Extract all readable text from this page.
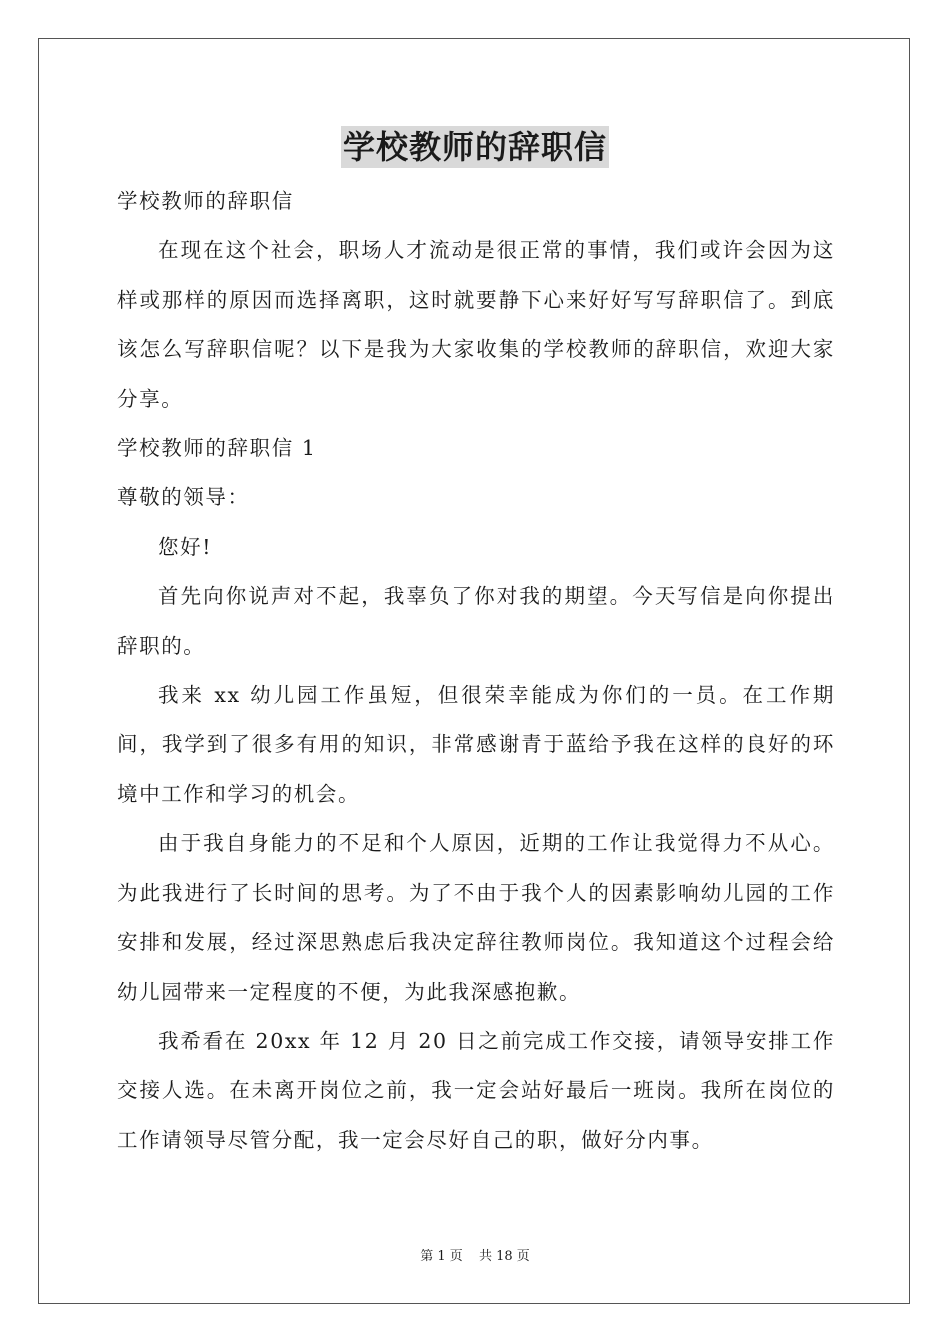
学校教师的辞职信

学校教师的辞职信

在现在这个社会，职场人才流动是很正常的事情，我们或许会因为这样或那样的原因而选择离职，这时就要静下心来好好写写辞职信了。到底该怎么写辞职信呢？以下是我为大家收集的学校教师的辞职信，欢迎大家分享。

学校教师的辞职信 1

尊敬的领导：

您好!

首先向你说声对不起，我辜负了你对我的期望。今天写信是向你提出辞职的。

我来 xx 幼儿园工作虽短，但很荣幸能成为你们的一员。在工作期间，我学到了很多有用的知识，非常感谢青于蓝给予我在这样的良好的环境中工作和学习的机会。

由于我自身能力的不足和个人原因，近期的工作让我觉得力不从心。为此我进行了长时间的思考。为了不由于我个人的因素影响幼儿园的工作安排和发展，经过深思熟虑后我决定辞往教师岗位。我知道这个过程会给幼儿园带来一定程度的不便，为此我深感抱歉。

我希看在 20xx 年 12 月 20 日之前完成工作交接，请领导安排工作交接人选。在未离开岗位之前，我一定会站好最后一班岗。我所在岗位的工作请领导尽管分配，我一定会尽好自己的职，做好分内事。

第 1 页 共 18 页
